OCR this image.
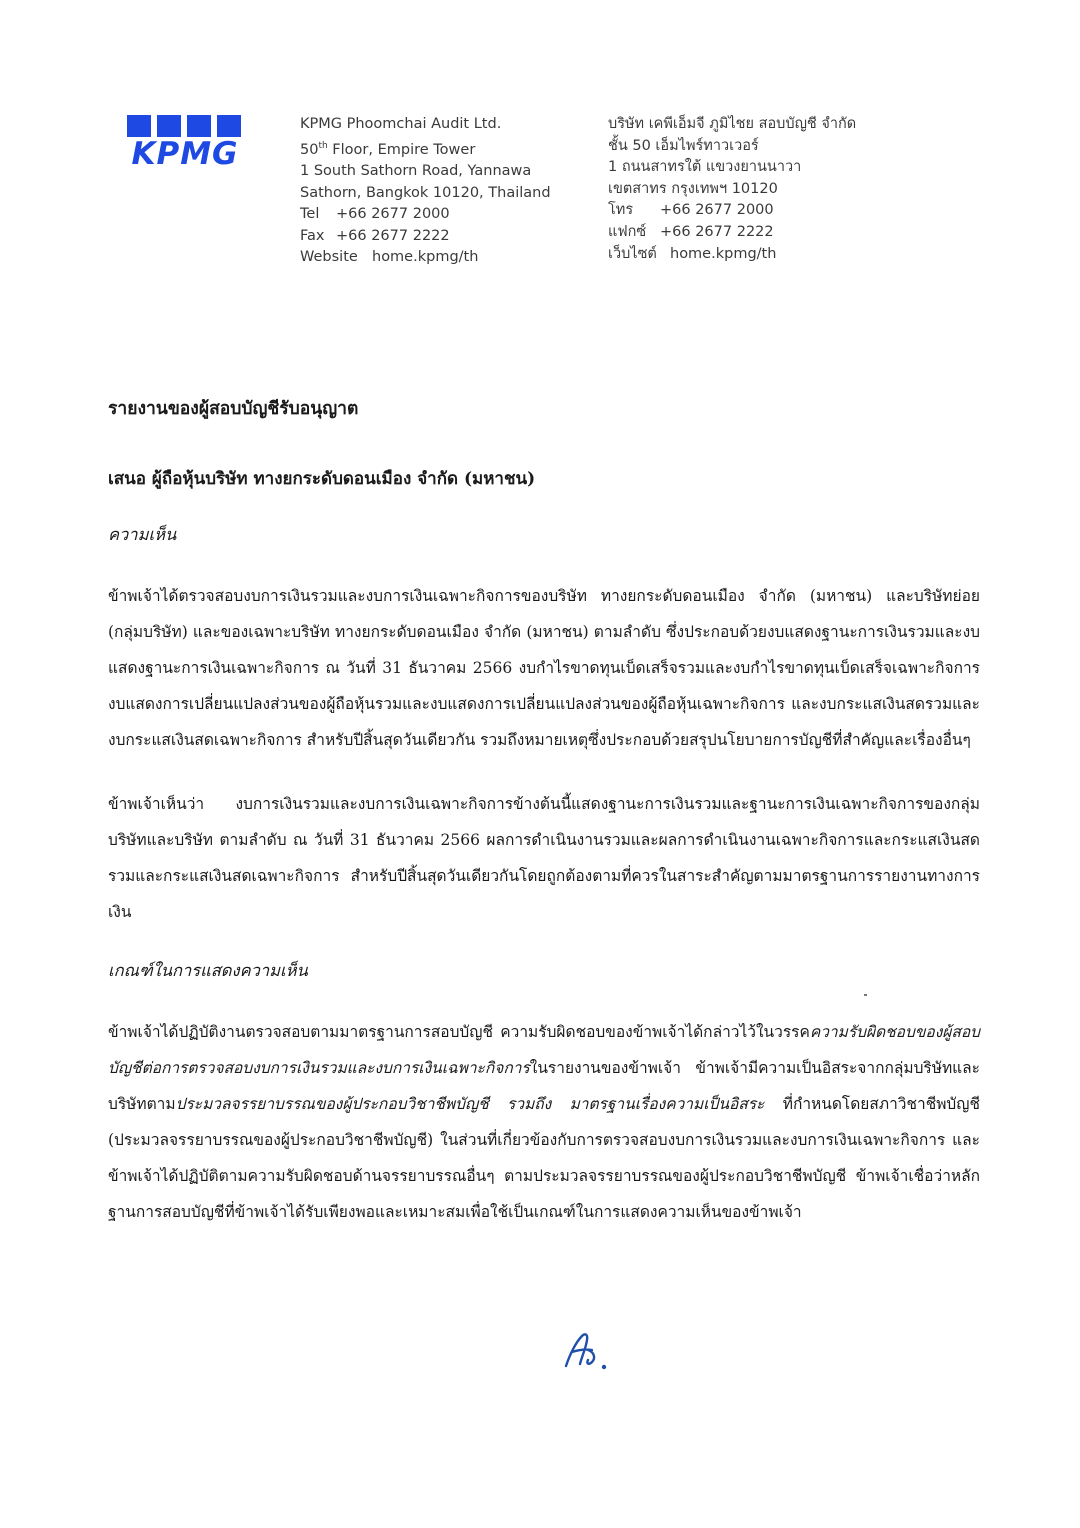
KPMG
KPMG Phoomchai Audit Ltd.
50th Floor, Empire Tower
1 South Sathorn Road, Yannawa
Sathorn, Bangkok 10120, Thailand
Tel +66 2677 2000
Fax +66 2677 2222
Website home.kpmg/th
บริษัท เคพีเอ็มจี ภูมิไชย สอบบัญชี จำกัด
ชั้น 50 เอ็มไพร์ทาวเวอร์
1 ถนนสาทรใต้ แขวงยานนาวา
เขตสาทร กรุงเทพฯ 10120
โทร +66 2677 2000
แฟกซ์ +66 2677 2222
เว็บไซต์ home.kpmg/th
รายงานของผู้สอบบัญชีรับอนุญาต

เสนอ ผู้ถือหุ้นบริษัท ทางยกระดับดอนเมือง จำกัด (มหาชน)

ความเห็น

ข้าพเจ้าได้ตรวจสอบงบการเงินรวมและงบการเงินเฉพาะกิจการของบริษัท ทางยกระดับดอนเมือง จำกัด (มหาชน) และบริษัทย่อย (กลุ่มบริษัท) และของเฉพาะบริษัท ทางยกระดับดอนเมือง จำกัด (มหาชน) ตามลำดับ ซึ่งประกอบด้วยงบแสดงฐานะการเงินรวมและงบแสดงฐานะการเงินเฉพาะกิจการ ณ วันที่ 31 ธันวาคม 2566 งบกำไรขาดทุนเบ็ดเสร็จรวมและงบกำไรขาดทุนเบ็ดเสร็จเฉพาะกิจการ งบแสดงการเปลี่ยนแปลงส่วนของผู้ถือหุ้นรวมและงบแสดงการเปลี่ยนแปลงส่วนของผู้ถือหุ้นเฉพาะกิจการ และงบกระแสเงินสดรวมและงบกระแสเงินสดเฉพาะกิจการ สำหรับปีสิ้นสุดวันเดียวกัน รวมถึงหมายเหตุซึ่งประกอบด้วยสรุปนโยบายการบัญชีที่สำคัญและเรื่องอื่นๆ

ข้าพเจ้าเห็นว่า งบการเงินรวมและงบการเงินเฉพาะกิจการข้างต้นนี้แสดงฐานะการเงินรวมและฐานะการเงินเฉพาะกิจการของกลุ่มบริษัทและบริษัท ตามลำดับ ณ วันที่ 31 ธันวาคม 2566 ผลการดำเนินงานรวมและผลการดำเนินงานเฉพาะกิจการและกระแสเงินสดรวมและกระแสเงินสดเฉพาะกิจการ สำหรับปีสิ้นสุดวันเดียวกันโดยถูกต้องตามที่ควรในสาระสำคัญตามมาตรฐานการรายงานทางการเงิน

เกณฑ์ในการแสดงความเห็น

ข้าพเจ้าได้ปฏิบัติงานตรวจสอบตามมาตรฐานการสอบบัญชี ความรับผิดชอบของข้าพเจ้าได้กล่าวไว้ในวรรคความรับผิดชอบของผู้สอบบัญชีต่อการตรวจสอบงบการเงินรวมและงบการเงินเฉพาะกิจการในรายงานของข้าพเจ้า ข้าพเจ้ามีความเป็นอิสระจากกลุ่มบริษัทและบริษัทตามประมวลจรรยาบรรณของผู้ประกอบวิชาชีพบัญชี รวมถึง มาตรฐานเรื่องความเป็นอิสระ ที่กำหนดโดยสภาวิชาชีพบัญชี (ประมวลจรรยาบรรณของผู้ประกอบวิชาชีพบัญชี) ในส่วนที่เกี่ยวข้องกับการตรวจสอบงบการเงินรวมและงบการเงินเฉพาะกิจการ และข้าพเจ้าได้ปฏิบัติตามความรับผิดชอบด้านจรรยาบรรณอื่นๆ ตามประมวลจรรยาบรรณของผู้ประกอบวิชาชีพบัญชี ข้าพเจ้าเชื่อว่าหลักฐานการสอบบัญชีที่ข้าพเจ้าได้รับเพียงพอและเหมาะสมเพื่อใช้เป็นเกณฑ์ในการแสดงความเห็นของข้าพเจ้า
